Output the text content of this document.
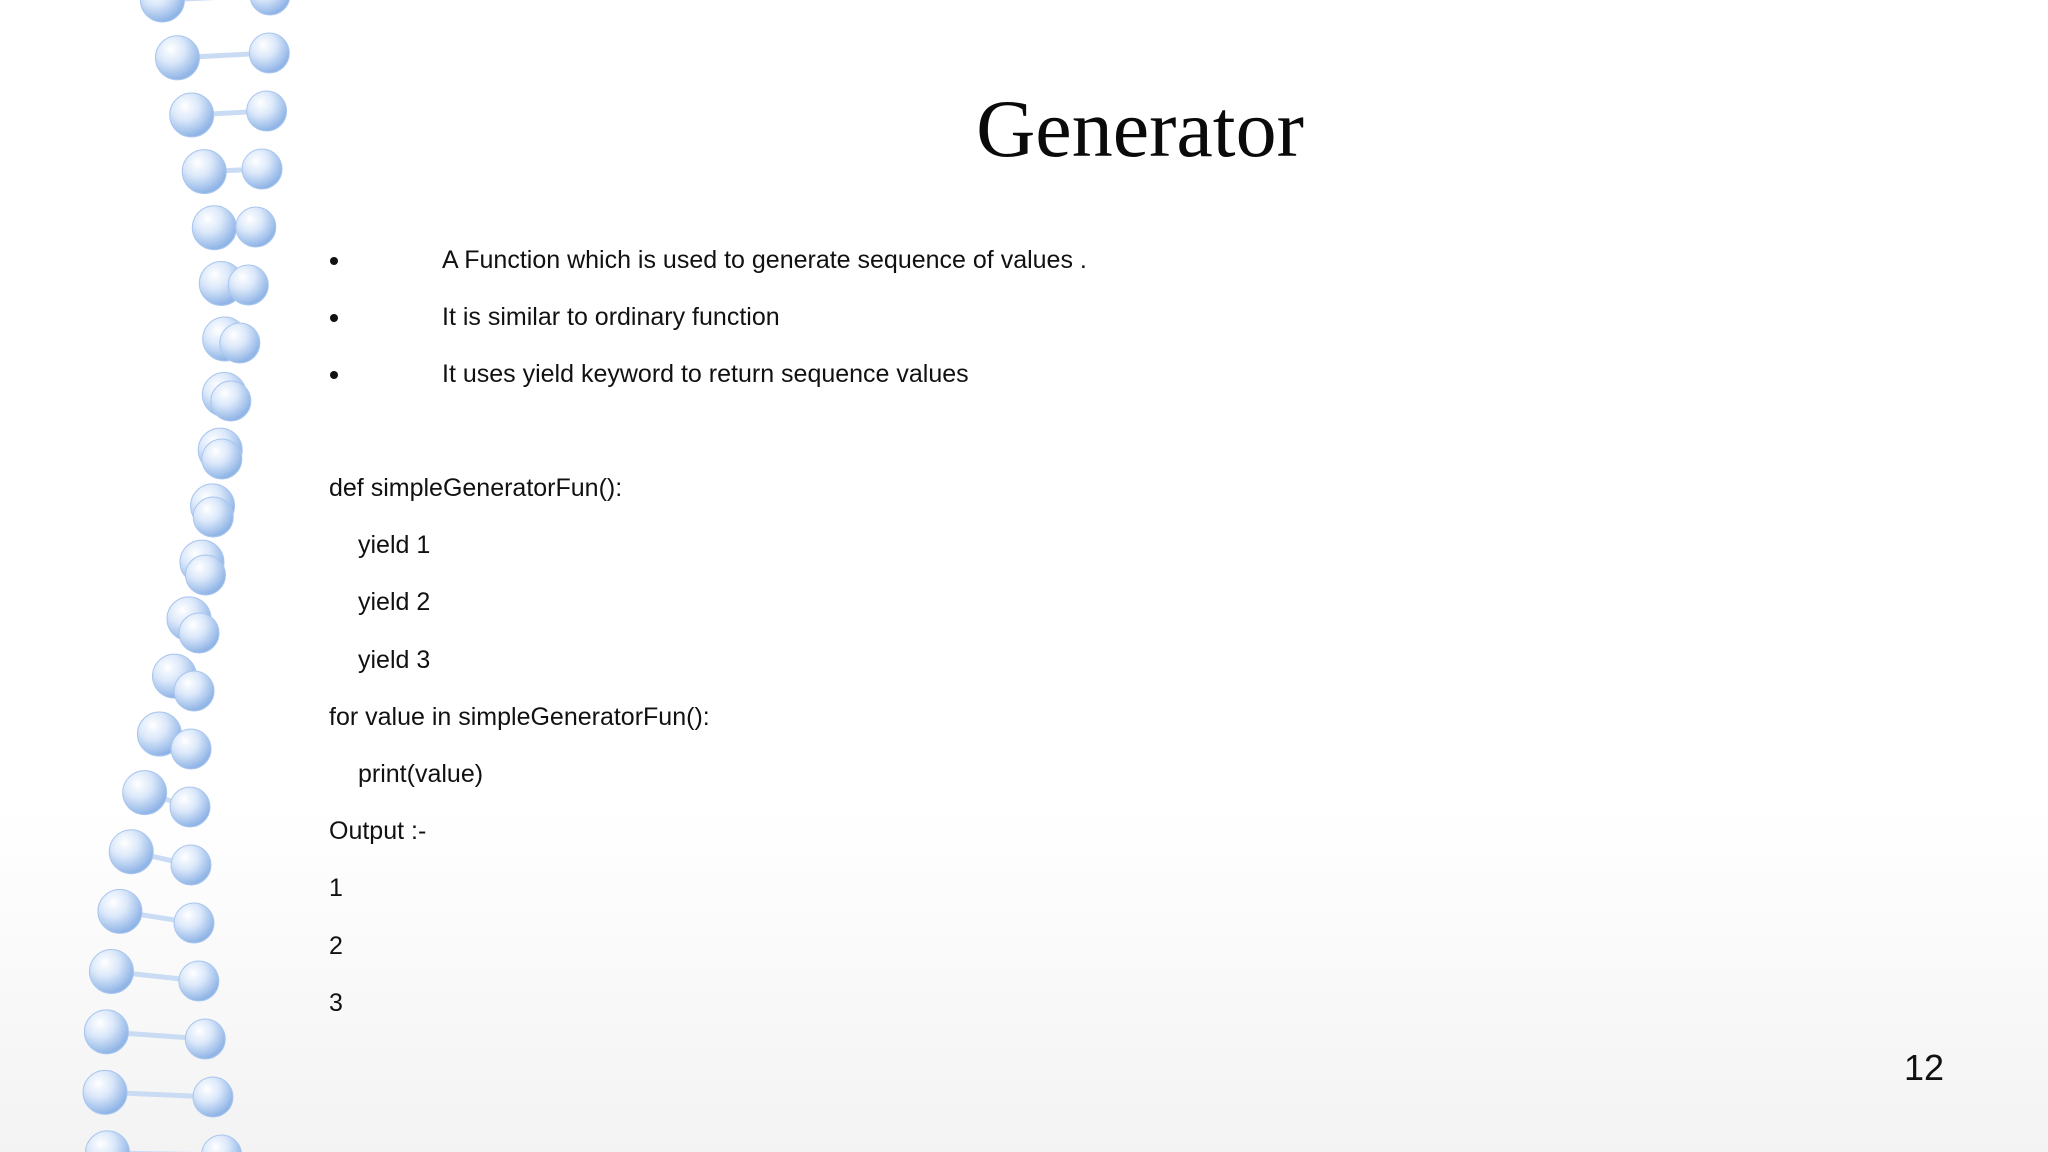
Generator
A Function which is used to generate sequence of values .
It is similar to ordinary function
It uses yield keyword to return sequence values
def simpleGeneratorFun():
yield 1
yield 2
yield 3
for value in simpleGeneratorFun():
print(value)
Output :-
1
2
3
12
